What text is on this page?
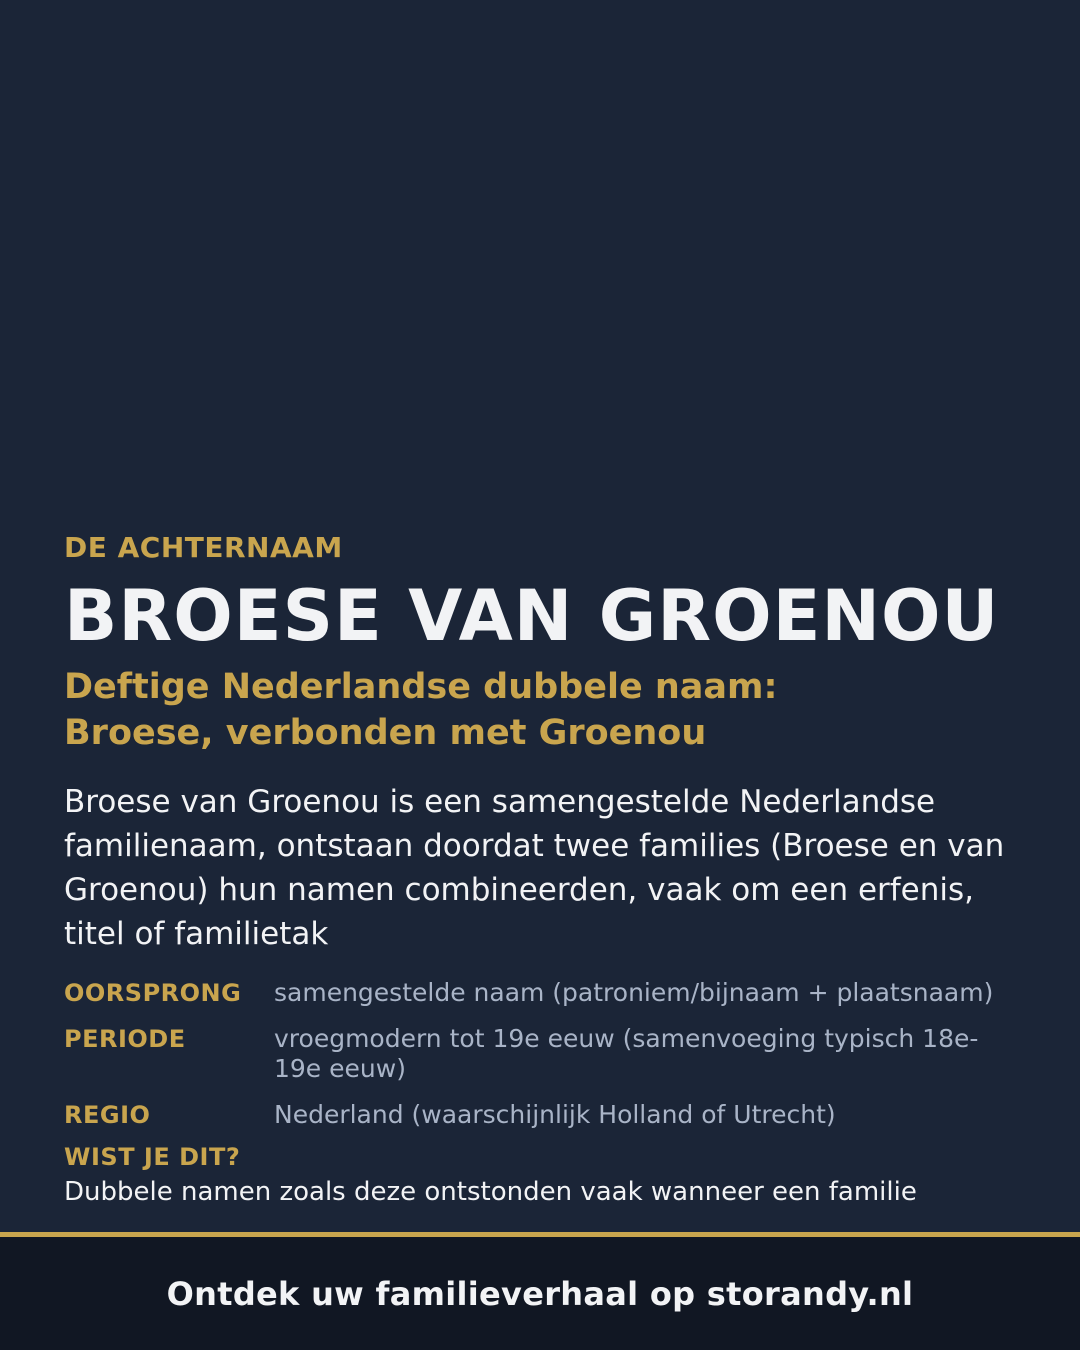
DE ACHTERNAAM

BROESE VAN GROENOU
Deftige Nederlandse dubbele naam:
Broese, verbonden met Groenou

Broese van Groenou is een samengestelde Nederlandse familienaam, ontstaan doordat twee families (Broese en van Groenou) hun namen combineerden, vaak om een erfenis, titel of familietak

OORSPRONG	samengestelde naam (patroniem/bijnaam + plaatsnaam)
PERIODE	vroegmodern tot 19e eeuw (samenvoeging typisch 18e-19e eeuw)
REGIO	Nederland (waarschijnlijk Holland of Utrecht)
WIST JE DIT?
Dubbele namen zoals deze ontstonden vaak wanneer een familie
Ontdek uw familieverhaal op storandy.nl
